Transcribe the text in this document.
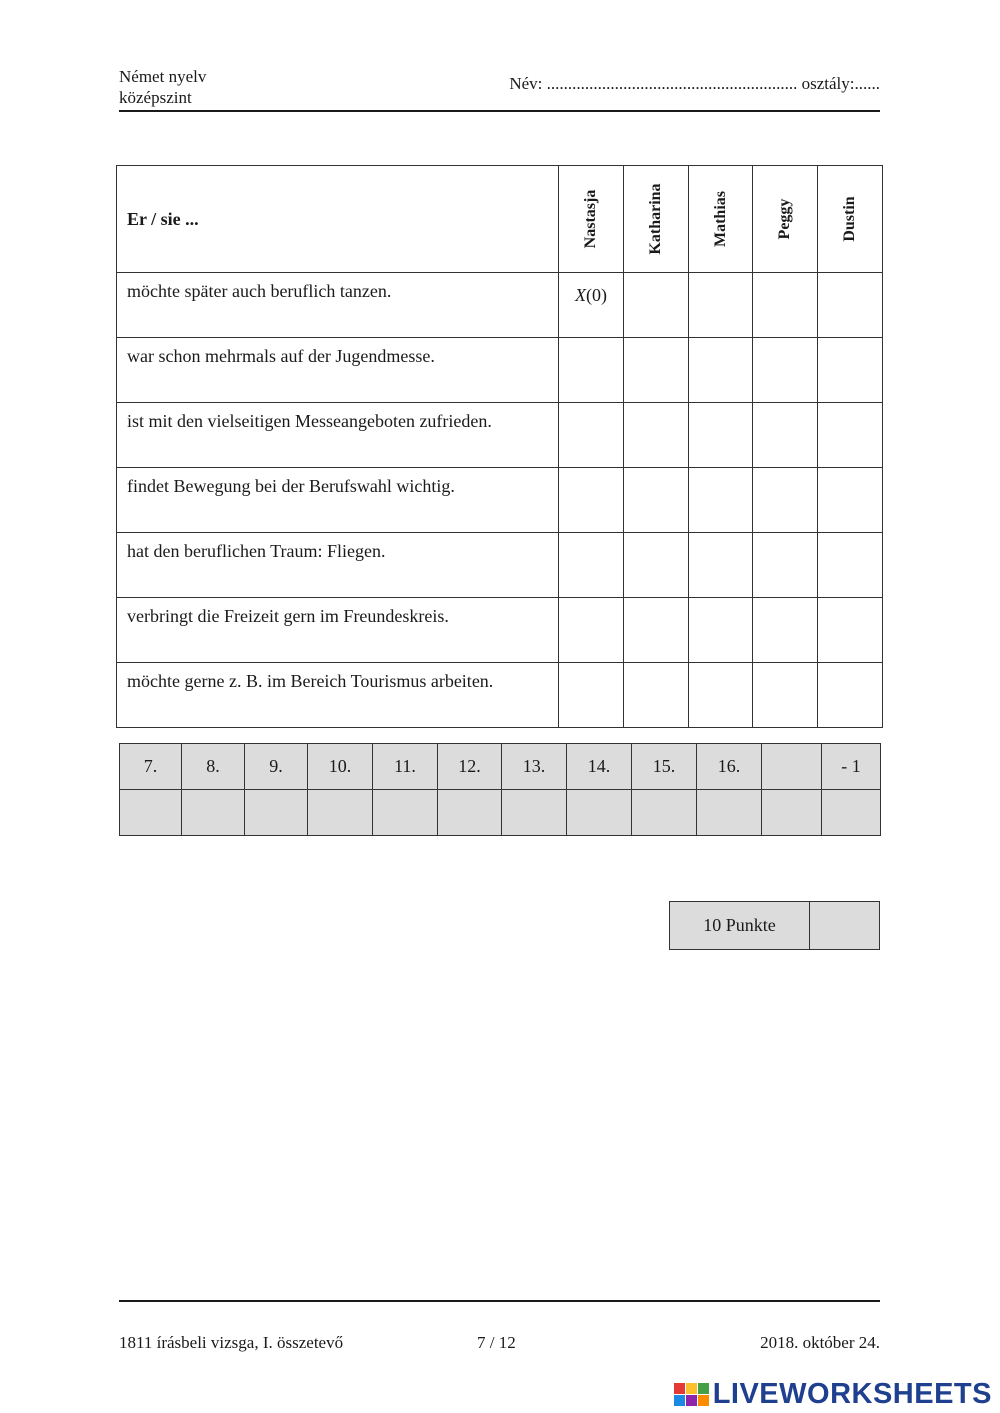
Német nyelv
középszint
Név: ........................................................... osztály:......
Er / sie ...	Nastasja	Katharina	Mathias	Peggy	Dustin

möchte später auch beruflich tanzen.	X(0)				
war schon mehrmals auf der Jugendmesse.					
ist mit den vielseitigen Messeangeboten zufrieden.					
findet Bewegung bei der Berufswahl wichtig.					
hat den beruflichen Traum: Fliegen.					
verbringt die Freizeit gern im Freundeskreis.					
möchte gerne z. B. im Bereich Tourismus arbeiten.					
7.	8.	9.	10.	11.	12.	13.	14.	15.	16.		- 1

10 Punkte
1811 írásbeli vizsga, I. összetevő	7 / 12	2018. október 24.
LIVEWORKSHEETS
